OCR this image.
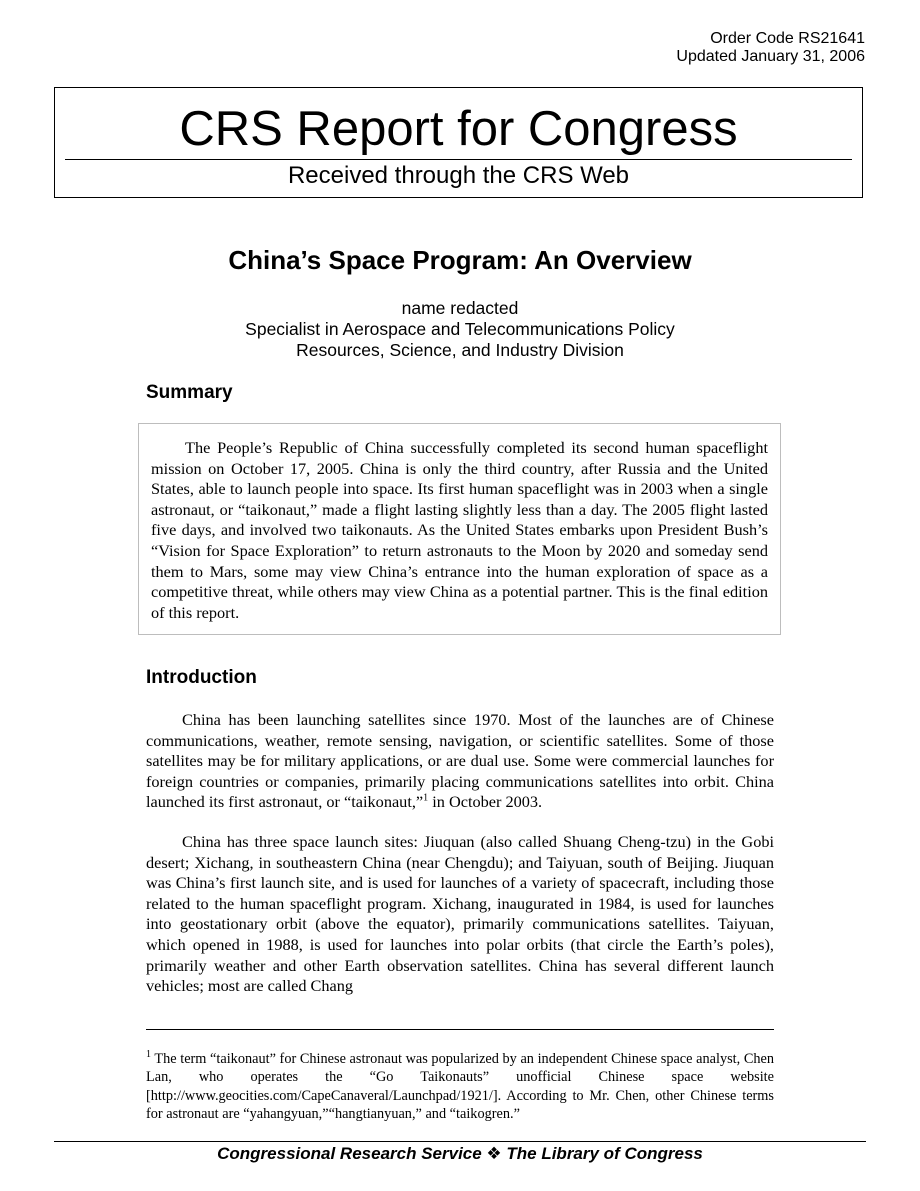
Order Code RS21641
Updated January 31, 2006
CRS Report for Congress
Received through the CRS Web
China’s Space Program: An Overview
name redacted
Specialist in Aerospace and Telecommunications Policy
Resources, Science, and Industry Division
Summary

The People’s Republic of China successfully completed its second human spaceflight mission on October 17, 2005. China is only the third country, after Russia and the United States, able to launch people into space. Its first human spaceflight was in 2003 when a single astronaut, or “taikonaut,” made a flight lasting slightly less than a day. The 2005 flight lasted five days, and involved two taikonauts. As the United States embarks upon President Bush’s “Vision for Space Exploration” to return astronauts to the Moon by 2020 and someday send them to Mars, some may view China’s entrance into the human exploration of space as a competitive threat, while others may view China as a potential partner. This is the final edition of this report.

Introduction

China has been launching satellites since 1970. Most of the launches are of Chinese communications, weather, remote sensing, navigation, or scientific satellites. Some of those satellites may be for military applications, or are dual use. Some were commercial launches for foreign countries or companies, primarily placing communications satellites into orbit. China launched its first astronaut, or “taikonaut,”$^1$ in October 2003.

China has three space launch sites: Jiuquan (also called Shuang Cheng-tzu) in the Gobi desert; Xichang, in southeastern China (near Chengdu); and Taiyuan, south of Beijing. Jiuquan was China’s first launch site, and is used for launches of a variety of spacecraft, including those related to the human spaceflight program. Xichang, inaugurated in 1984, is used for launches into geostationary orbit (above the equator), primarily communications satellites. Taiyuan, which opened in 1988, is used for launches into polar orbits (that circle the Earth’s poles), primarily weather and other Earth observation satellites. China has several different launch vehicles; most are called Chang

$^1$ The term “taikonaut” for Chinese astronaut was popularized by an independent Chinese space analyst, Chen Lan, who operates the “Go Taikonauts” unofficial Chinese space website [http://www.geocities.com/CapeCanaveral/Launchpad/1921/]. According to Mr. Chen, other Chinese terms for astronaut are “yahangyuan,”“hangtianyuan,” and “taikogren.”

Congressional Research Service ❖ The Library of Congress
